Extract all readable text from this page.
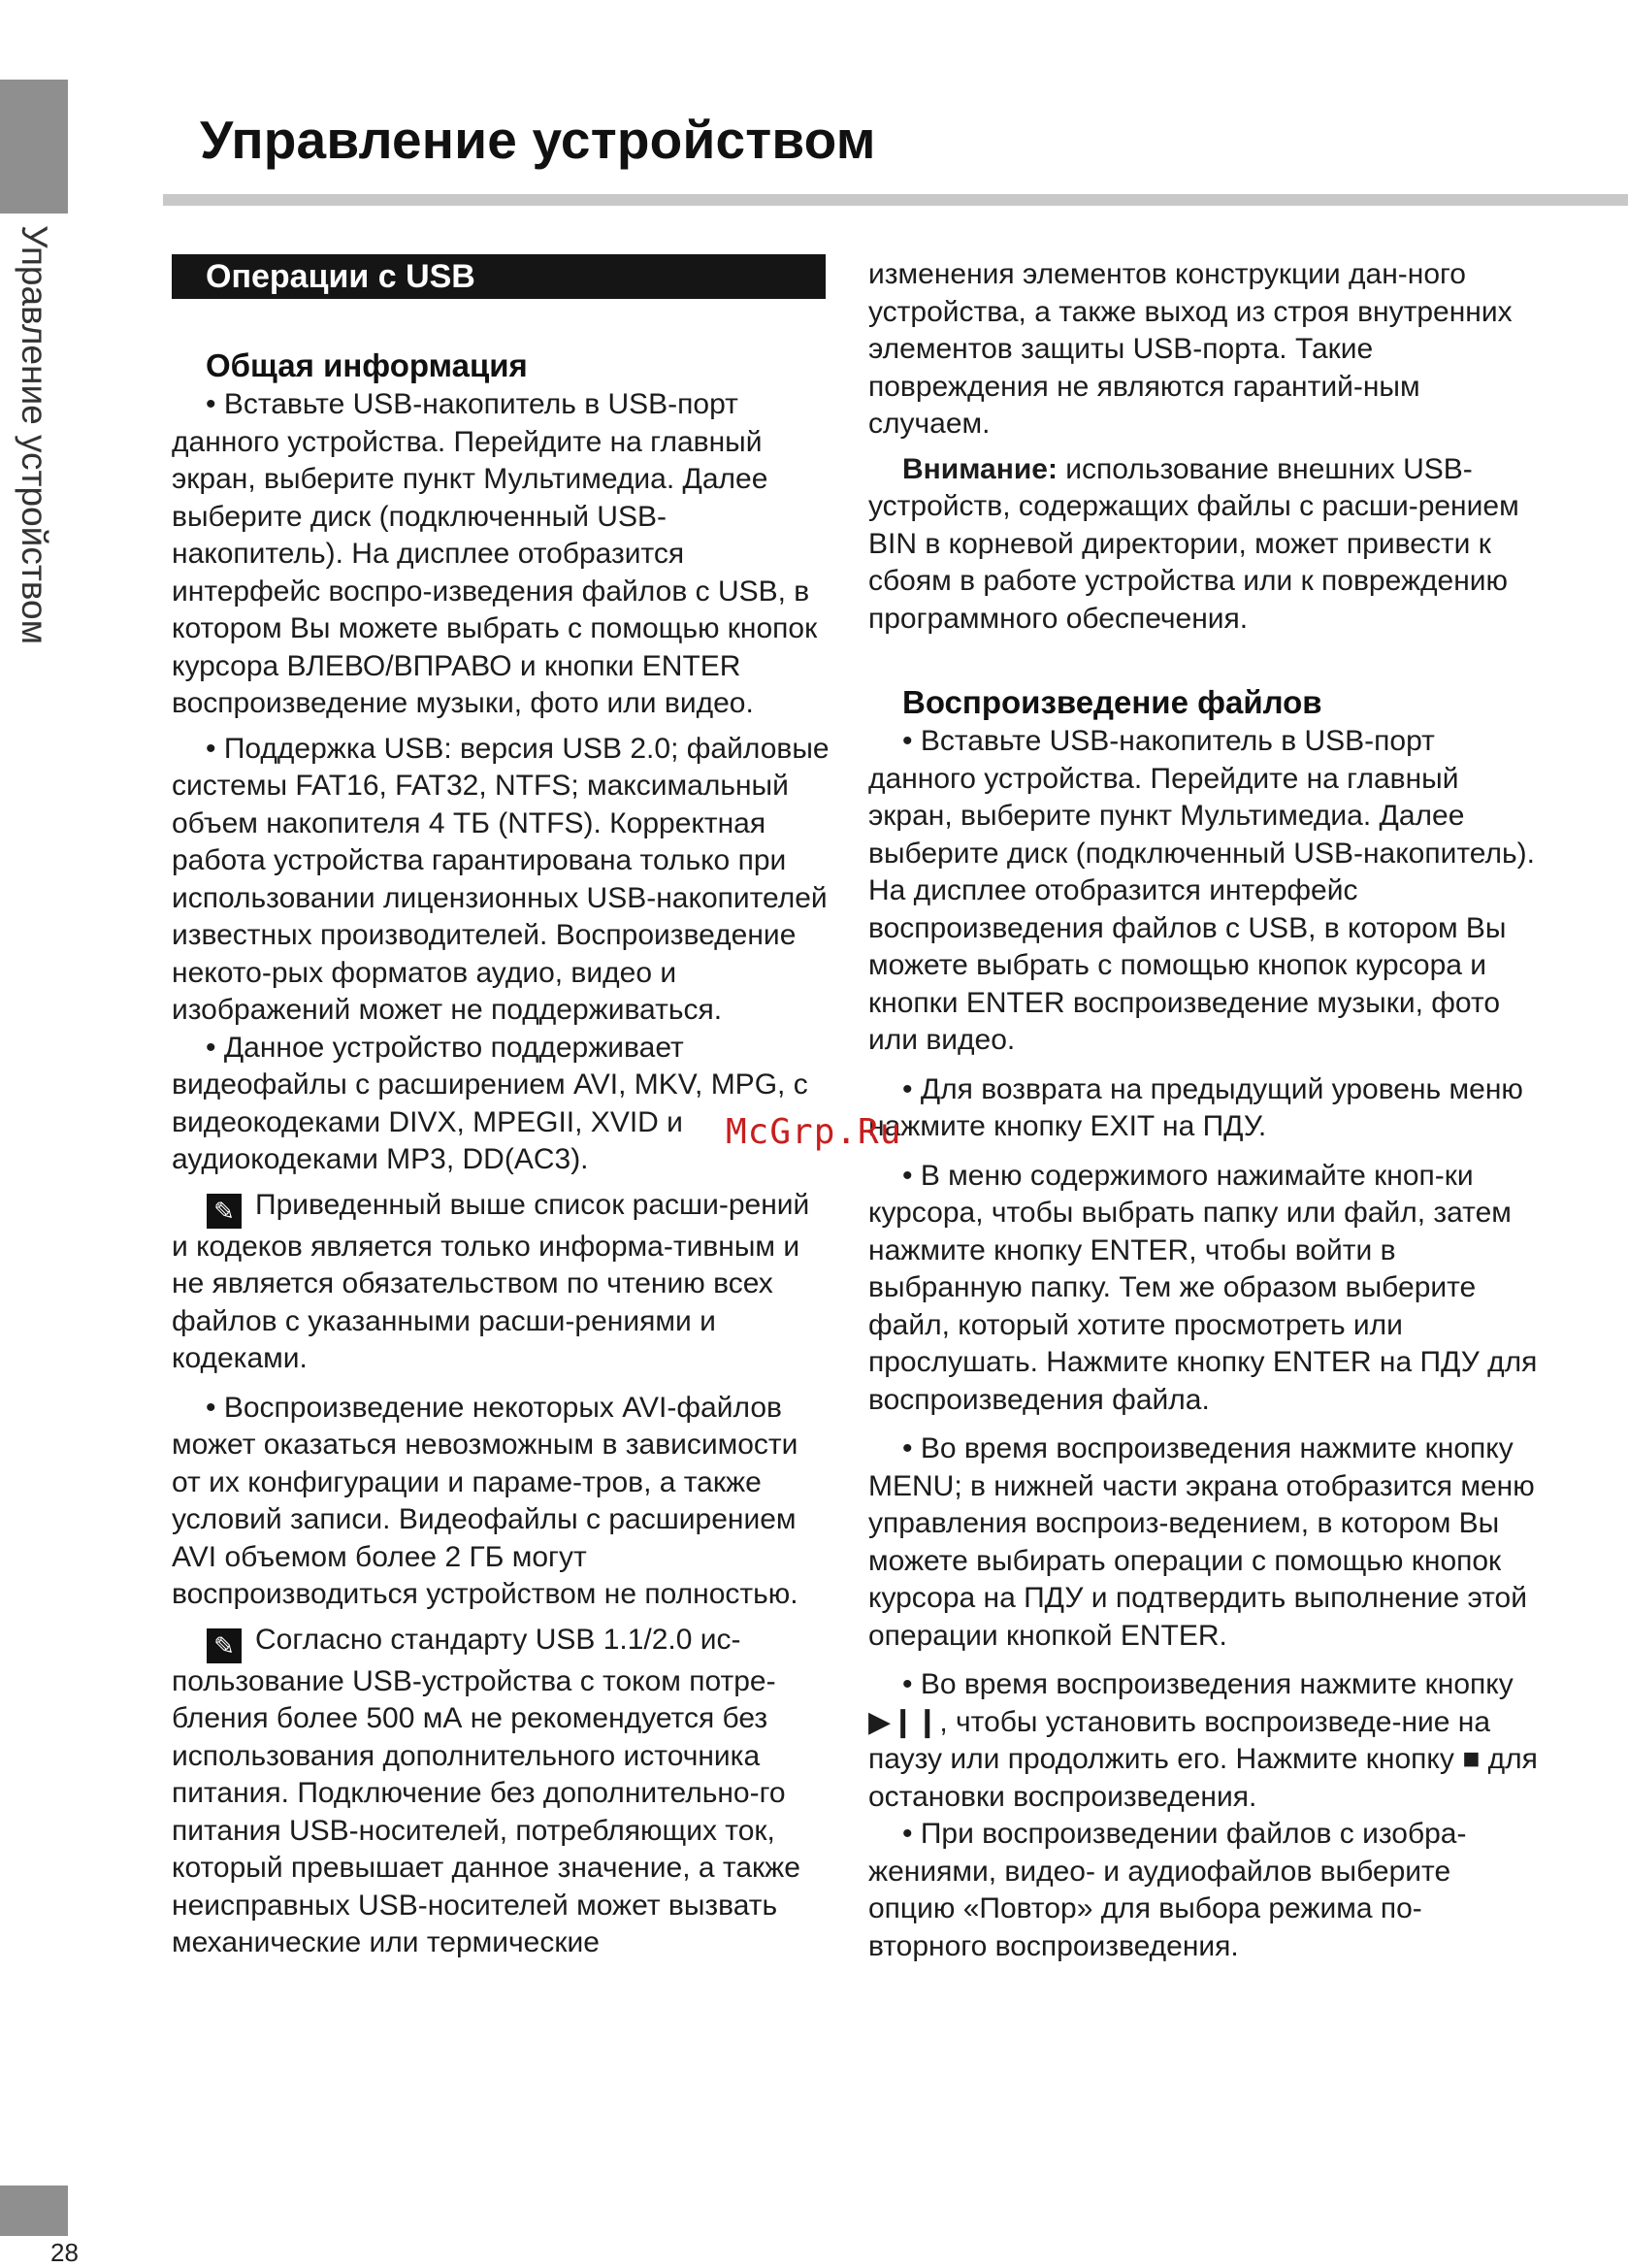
Управление устройством
Управление устройством
Операции с USB
Общая информация

• Вставьте USB-накопитель в USB-порт данного устройства. Перейдите на главный экран, выберите пункт Мультимедиа. Далее выберите диск (подключенный USB-накопитель). На дисплее отобразится интерфейс воспро-изведения файлов с USB, в котором Вы можете выбрать с помощью кнопок курсора ВЛЕВО/ВПРАВО и кнопки ENTER воспроизведение музыки, фото или видео.

• Поддержка USB: версия USB 2.0; файловые системы FAT16, FAT32, NTFS; максимальный объем накопителя 4 ТБ (NTFS). Корректная работа устройства гарантирована только при использовании лицензионных USB-накопителей известных производителей. Воспроизведение некото-рых форматов аудио, видео и изображений может не поддерживаться.

• Данное устройство поддерживает видеофайлы с расширением AVI, MKV, MPG, с видеокодеками DIVX, MPEGII, XVID и аудиокодеками MP3, DD(AC3).

✎ Приведенный выше список расши-рений и кодеков является только информа-тивным и не является обязательством по чтению всех файлов с указанными расши-рениями и кодеками.

• Воспроизведение некоторых AVI-файлов может оказаться невозможным в зависимости от их конфигурации и параме-тров, а также условий записи. Видеофайлы с расширением AVI объемом более 2 ГБ могут воспроизводиться устройством не полностью.

✎ Согласно стандарту USB 1.1/2.0 ис-пользование USB-устройства с током потре-бления более 500 мА не рекомендуется без использования дополнительного источника питания. Подключение без дополнительно-го питания USB-носителей, потребляющих ток, который превышает данное значение, а также неисправных USB-носителей может вызвать механические или термические

изменения элементов конструкции дан-ного устройства, а также выход из строя внутренних элементов защиты USB-порта. Такие повреждения не являются гарантий-ным случаем.

Внимание: использование внешних USB-устройств, содержащих файлы с расши-рением BIN в корневой директории, может привести к сбоям в работе устройства или к повреждению программного обеспечения.

Воспроизведение файлов

• Вставьте USB-накопитель в USB-порт данного устройства. Перейдите на главный экран, выберите пункт Мультимедиа. Далее выберите диск (подключенный USB-накопитель). На дисплее отобразится интерфейс воспроизведения файлов с USB, в котором Вы можете выбрать с помощью кнопок курсора и кнопки ENTER воспроизведение музыки, фото или видео.

• Для возврата на предыдущий уровень меню нажмите кнопку EXIT на ПДУ.

• В меню содержимого нажимайте кноп-ки курсора, чтобы выбрать папку или файл, затем нажмите кнопку ENTER, чтобы войти в выбранную папку. Тем же образом выберите файл, который хотите просмотреть или прослушать. Нажмите кнопку ENTER на ПДУ для воспроизведения файла.

• Во время воспроизведения нажмите кнопку MENU; в нижней части экрана отобразится меню управления воспроиз-ведением, в котором Вы можете выбирать операции с помощью кнопок курсора на ПДУ и подтвердить выполнение этой операции кнопкой ENTER.

• Во время воспроизведения нажмите кнопку ▶❙❙, чтобы установить воспроизведе-ние на паузу или продолжить его. Нажмите кнопку ■ для остановки воспроизведения.

• При воспроизведении файлов с изобра-жениями, видео- и аудиофайлов выберите опцию «Повтор» для выбора режима по-вторного воспроизведения.

McGrp.Ru
28
